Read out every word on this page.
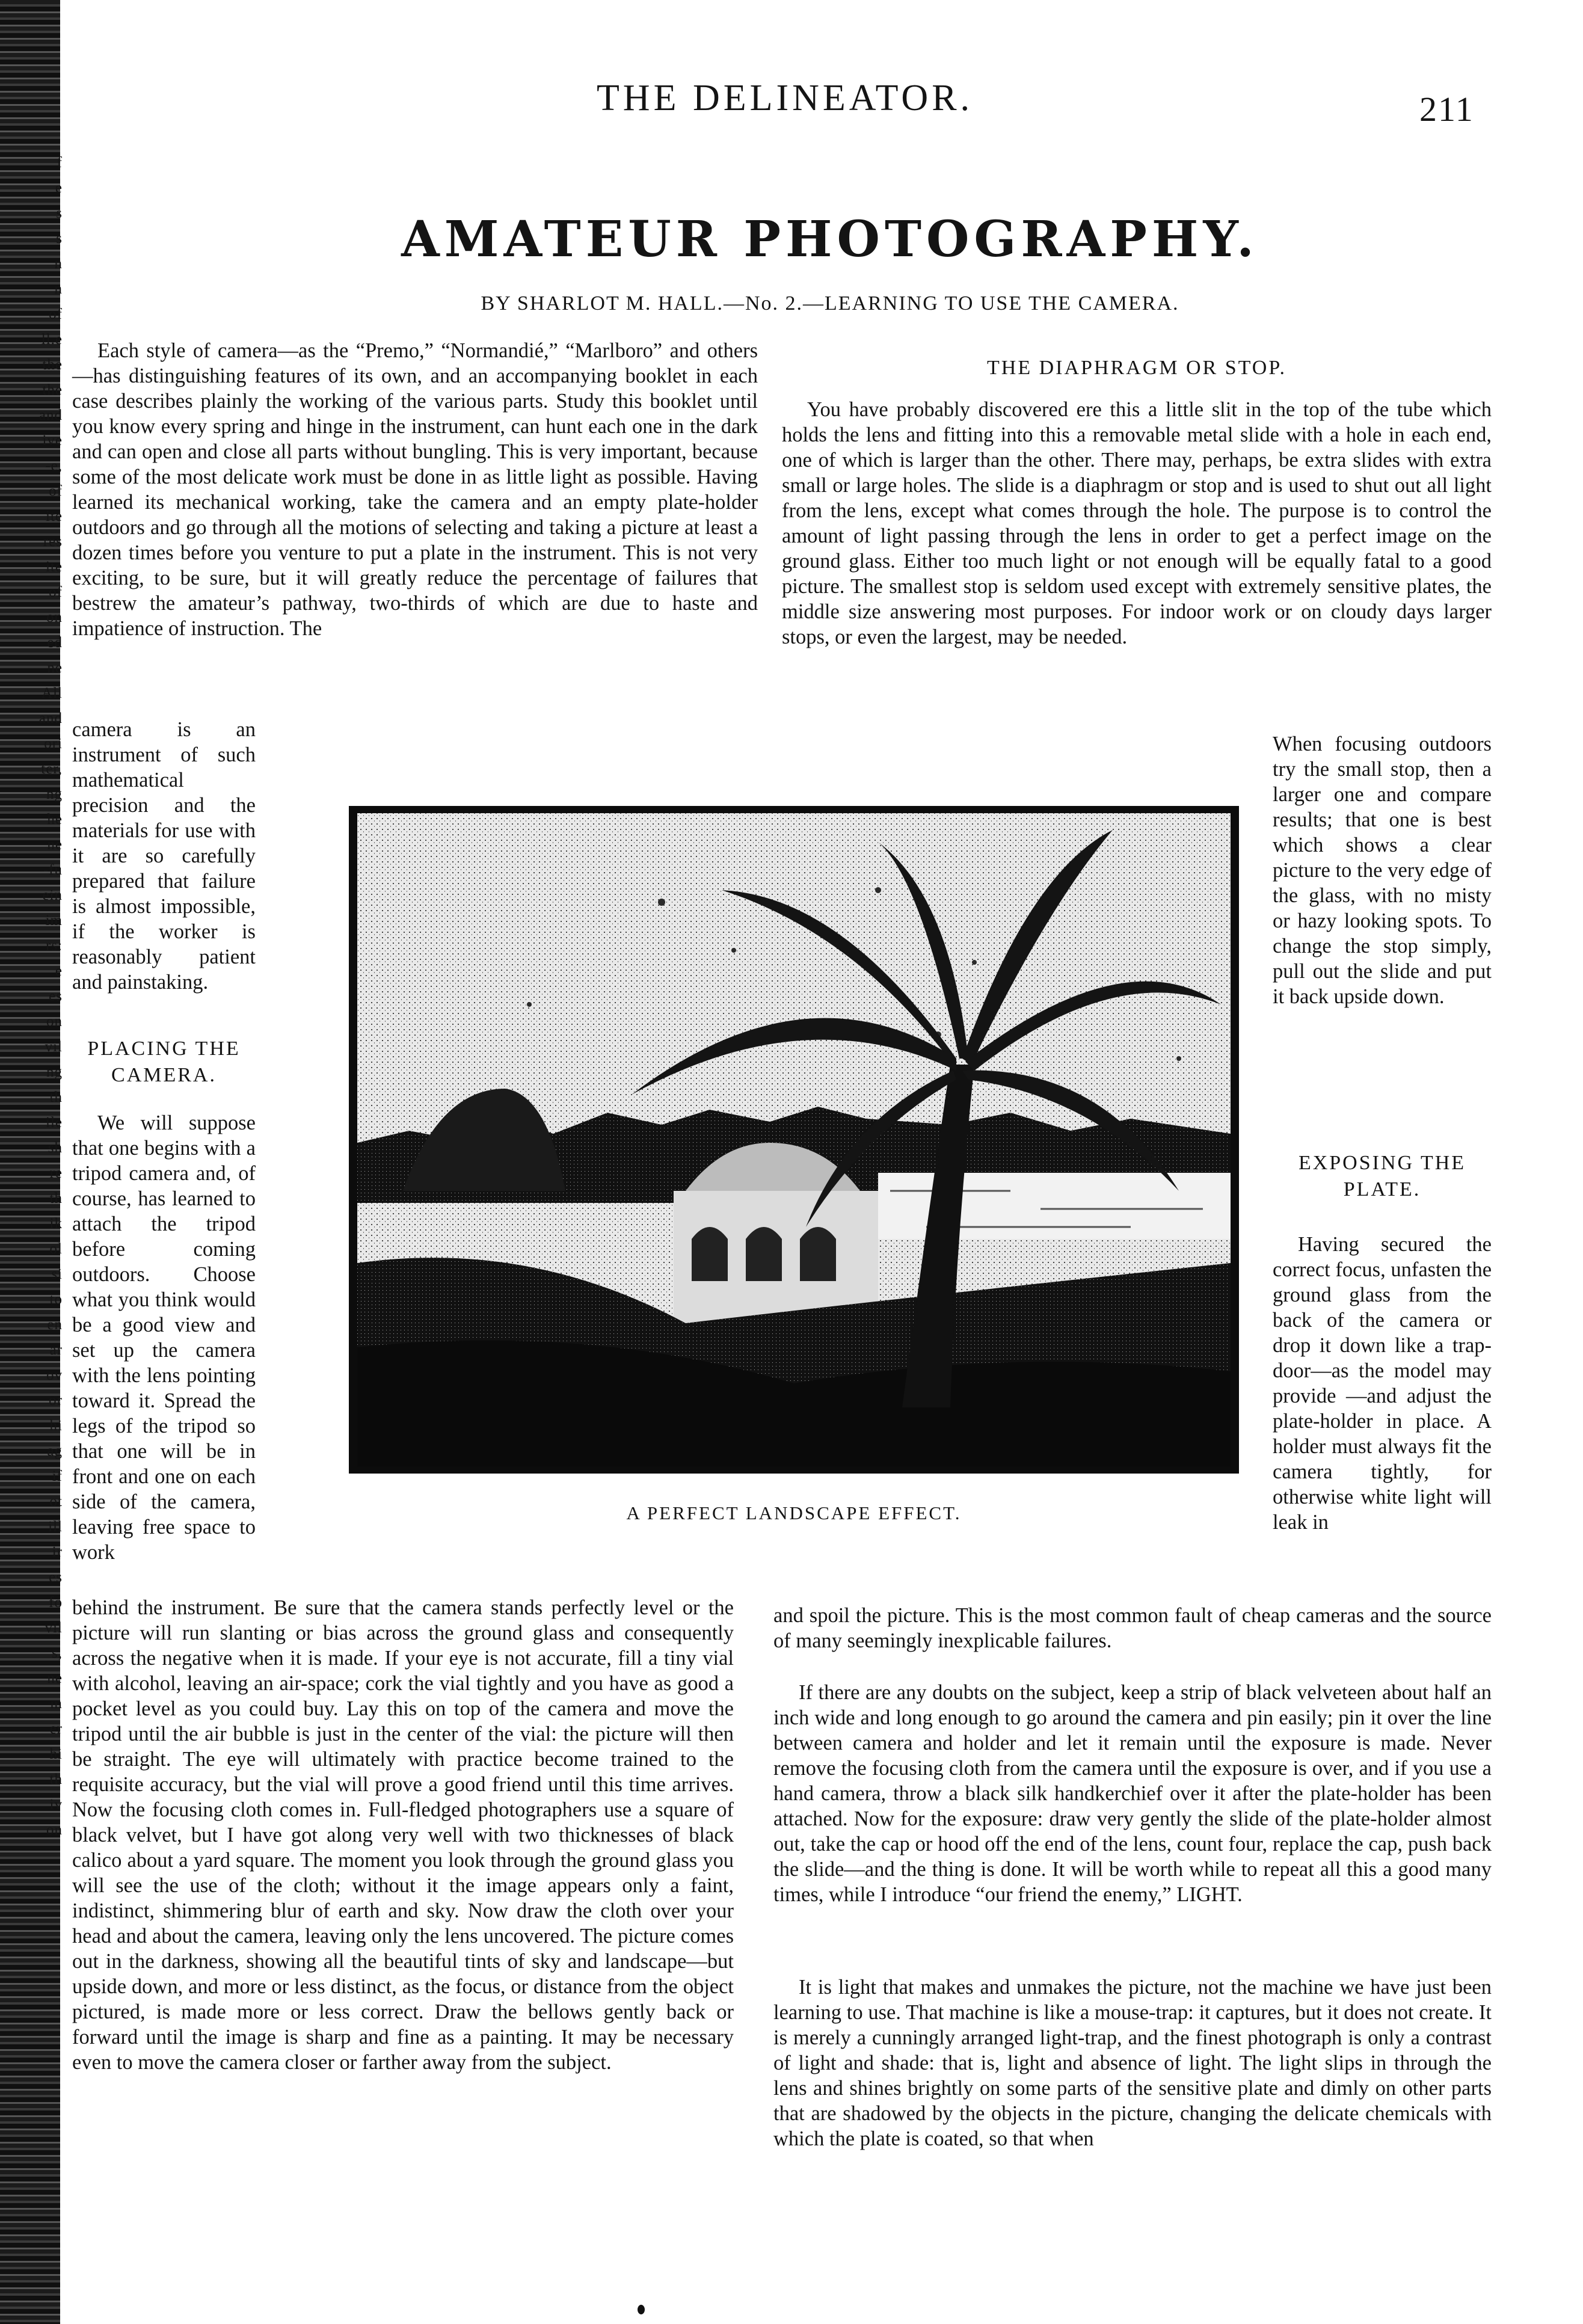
f
e
s
s
n
n
of
ll.e
the
the
and
ive
-e,
of
ite
res
ite
of
on
ed
ne
All
and
ori
ter,
ng
he
ne
-fu
ein
im
rs:
e
es
on
vil
ng
th
ile
sh
re
th
ik
ol
si
to
en
ar
ov
or
hi
ag
if
ot
ill
ir
es
fo
vil
s,
ne
m
er
hi
th
iv
on
THE DELINEATOR.	211
AMATEUR PHOTOGRAPHY.
BY SHARLOT M. HALL.—No. 2.—LEARNING TO USE THE CAMERA.

Each style of camera—as the “Premo,” “Normandié,” “Marlboro” and others—has distinguishing features of its own, and an accompanying booklet in each case describes plainly the working of the various parts. Study this booklet until you know every spring and hinge in the instrument, can hunt each one in the dark and can open and close all parts without bungling. This is very important, because some of the most delicate work must be done in as little light as possible. Having learned its mechanical working, take the camera and an empty plate-holder outdoors and go through all the motions of selecting and taking a picture at least a dozen times before you venture to put a plate in the instrument. This is not very exciting, to be sure, but it will greatly reduce the percentage of failures that bestrew the amateur’s pathway, two-thirds of which are due to haste and impatience of instruction. The

camera is an instrument of such mathematical precision and the materials for use with it are so carefully prepared that failure is almost impossible, if the worker is reasonably patient and painstaking.

PLACING THE CAMERA.

We will suppose that one begins with a tripod camera and, of course, has learned to attach the tripod before coming outdoors. Choose what you think would be a good view and set up the camera with the lens pointing toward it. Spread the legs of the tripod so that one will be in front and one on each side of the camera, leaving free space to work

behind the instrument. Be sure that the camera stands perfectly level or the picture will run slanting or bias across the ground glass and consequently across the negative when it is made. If your eye is not accurate, fill a tiny vial with alcohol, leaving an air-space; cork the vial tightly and you have as good a pocket level as you could buy. Lay this on top of the camera and move the tripod until the air bubble is just in the center of the vial: the picture will then be straight. The eye will ultimately with practice become trained to the requisite accuracy, but the vial will prove a good friend until this time arrives. Now the focusing cloth comes in. Full-fledged photographers use a square of black velvet, but I have got along very well with two thicknesses of black calico about a yard square. The moment you look through the ground glass you will see the use of the cloth; without it the image appears only a faint, indistinct, shimmering blur of earth and sky. Now draw the cloth over your head and about the camera, leaving only the lens uncovered. The picture comes out in the darkness, showing all the beautiful tints of sky and landscape—but upside down, and more or less distinct, as the focus, or distance from the object pictured, is made more or less correct. Draw the bellows gently back or forward until the image is sharp and fine as a painting. It may be necessary even to move the camera closer or farther away from the subject.

THE DIAPHRAGM OR STOP.

You have probably discovered ere this a little slit in the top of the tube which holds the lens and fitting into this a removable metal slide with a hole in each end, one of which is larger than the other. There may, perhaps, be extra slides with extra small or large holes. The slide is a diaphragm or stop and is used to shut out all light from the lens, except what comes through the hole. The purpose is to control the amount of light passing through the lens in order to get a perfect image on the ground glass. Either too much light or not enough will be equally fatal to a good picture. The smallest stop is seldom used except with extremely sensitive plates, the middle size answering most purposes. For indoor work or on cloudy days larger stops, or even the largest, may be needed.

When focusing outdoors try the small stop, then a larger one and compare results; that one is best which shows a clear picture to the very edge of the glass, with no misty or hazy looking spots. To change the stop simply, pull out the slide and put it back upside down.

EXPOSING THE PLATE.

Having secured the correct focus, unfasten the ground glass from the back of the camera or drop it down like a trap-door—as the model may provide —and adjust the plate-holder in place. A holder must always fit the camera tightly, for otherwise white light will leak in

and spoil the picture. This is the most common fault of cheap cameras and the source of many seemingly inexplicable failures.

If there are any doubts on the subject, keep a strip of black velveteen about half an inch wide and long enough to go around the camera and pin easily; pin it over the line between camera and holder and let it remain until the exposure is made. Never remove the focusing cloth from the camera until the exposure is over, and if you use a hand camera, throw a black silk handkerchief over it after the plate-holder has been attached. Now for the exposure: draw very gently the slide of the plate-holder almost out, take the cap or hood off the end of the lens, count four, replace the cap, push back the slide—and the thing is done. It will be worth while to repeat all this a good many times, while I introduce “our friend the enemy,” LIGHT.

It is light that makes and unmakes the picture, not the machine we have just been learning to use. That machine is like a mouse-trap: it captures, but it does not create. It is merely a cunningly arranged light-trap, and the finest photograph is only a contrast of light and shade: that is, light and absence of light. The light slips in through the lens and shines brightly on some parts of the sensitive plate and dimly on other parts that are shadowed by the objects in the picture, changing the delicate chemicals with which the plate is coated, so that when

A PERFECT LANDSCAPE EFFECT.
